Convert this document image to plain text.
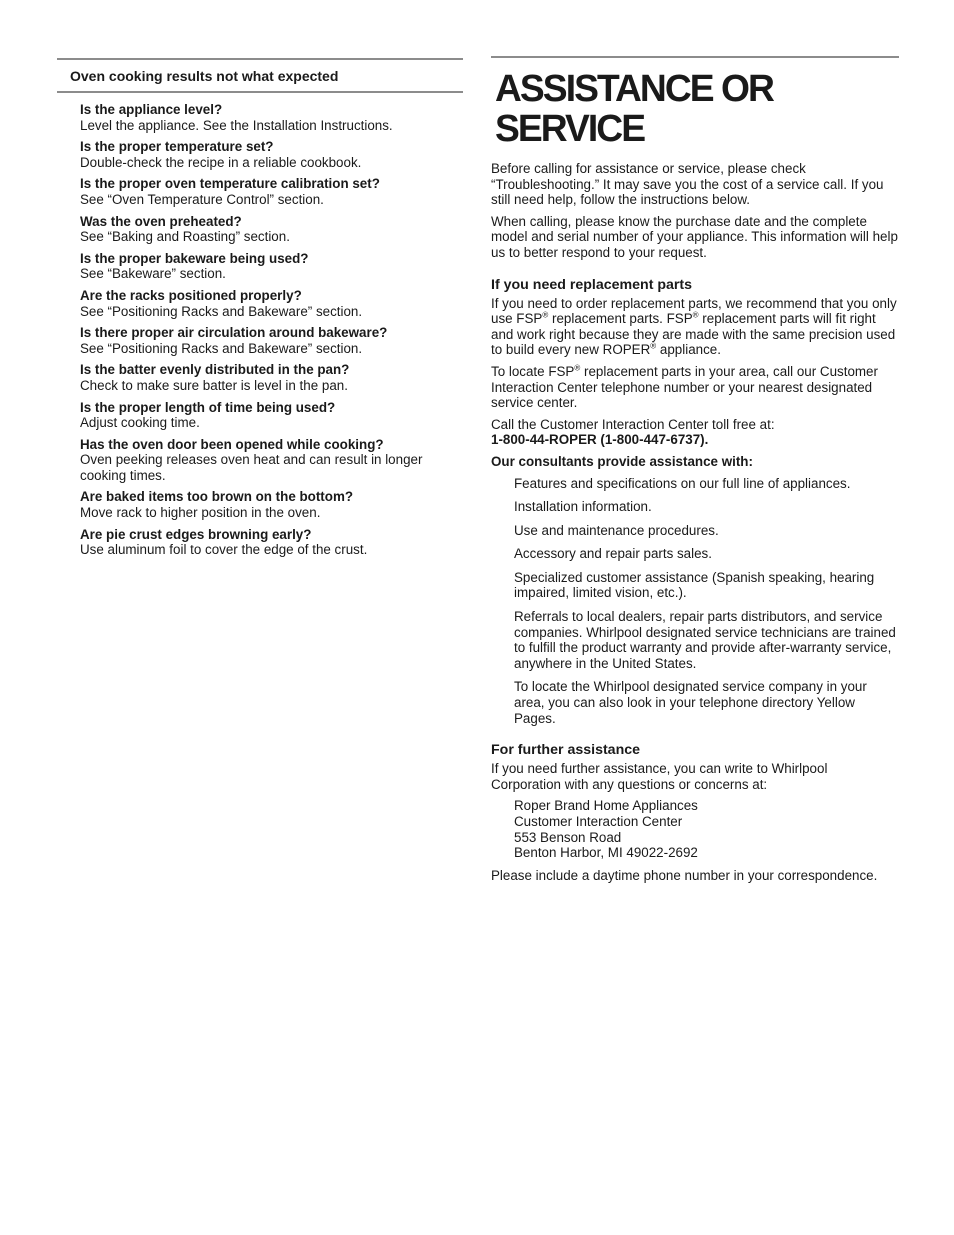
Oven cooking results not what expected
Is the appliance level?
Level the appliance. See the Installation Instructions.
Is the proper temperature set?
Double-check the recipe in a reliable cookbook.
Is the proper oven temperature calibration set?
See “Oven Temperature Control” section.
Was the oven preheated?
See “Baking and Roasting” section.
Is the proper bakeware being used?
See “Bakeware” section.
Are the racks positioned properly?
See “Positioning Racks and Bakeware” section.
Is there proper air circulation around bakeware?
See “Positioning Racks and Bakeware” section.
Is the batter evenly distributed in the pan?
Check to make sure batter is level in the pan.
Is the proper length of time being used?
Adjust cooking time.
Has the oven door been opened while cooking?
Oven peeking releases oven heat and can result in longer cooking times.
Are baked items too brown on the bottom?
Move rack to higher position in the oven.
Are pie crust edges browning early?
Use aluminum foil to cover the edge of the crust.
ASSISTANCE OR SERVICE

Before calling for assistance or service, please check “Troubleshooting.” It may save you the cost of a service call. If you still need help, follow the instructions below.

When calling, please know the purchase date and the complete model and serial number of your appliance. This information will help us to better respond to your request.

If you need replacement parts

If you need to order replacement parts, we recommend that you only use FSP® replacement parts. FSP® replacement parts will fit right and work right because they are made with the same precision used to build every new ROPER® appliance.

To locate FSP® replacement parts in your area, call our Customer Interaction Center telephone number or your nearest designated service center.

Call the Customer Interaction Center toll free at:
1-800-44-ROPER (1-800-447-6737).

Our consultants provide assistance with:

Features and specifications on our full line of appliances.
Installation information.
Use and maintenance procedures.
Accessory and repair parts sales.
Specialized customer assistance (Spanish speaking, hearing impaired, limited vision, etc.).
Referrals to local dealers, repair parts distributors, and service companies. Whirlpool designated service technicians are trained to fulfill the product warranty and provide after-warranty service, anywhere in the United States.
To locate the Whirlpool designated service company in your area, you can also look in your telephone directory Yellow Pages.
For further assistance

If you need further assistance, you can write to Whirlpool Corporation with any questions or concerns at:

Roper Brand Home Appliances
Customer Interaction Center
553 Benson Road
Benton Harbor, MI 49022-2692

Please include a daytime phone number in your correspondence.
